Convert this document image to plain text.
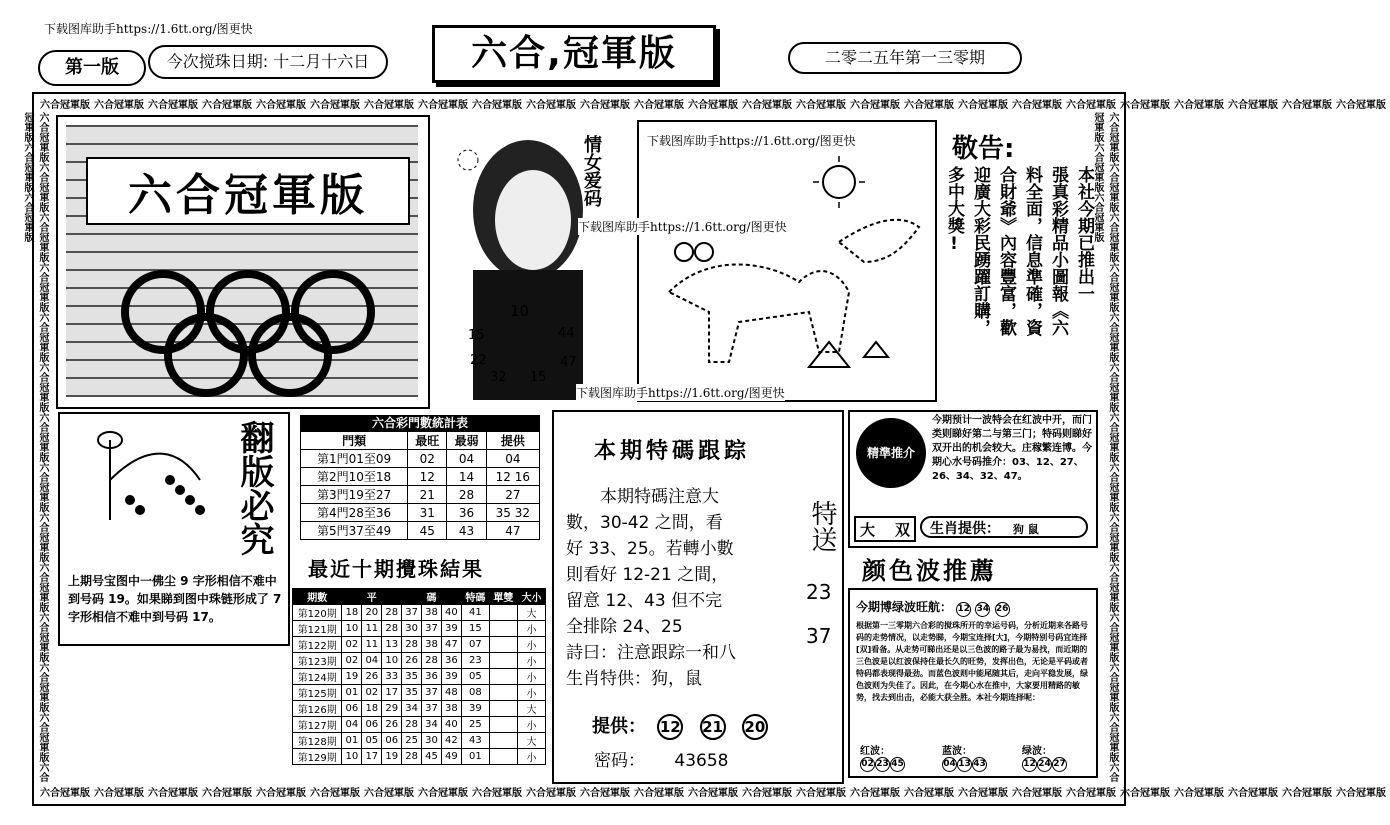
下载图库助手https://1.6tt.org/图更快
第一版	今次搅珠日期: 十二月十六日	六合,冠軍版	二零二五年第一三零期
六合冠軍版 六合冠軍版 六合冠軍版 六合冠軍版 六合冠軍版 六合冠軍版 六合冠軍版 六合冠軍版 六合冠軍版 六合冠軍版 六合冠軍版 六合冠軍版 六合冠軍版 六合冠軍版 六合冠軍版 六合冠軍版 六合冠軍版 六合冠軍版 六合冠軍版 六合冠軍版 六合冠軍版 六合冠軍版 六合冠軍版 六合冠軍版 六合冠軍版
六合冠軍版 六合冠軍版 六合冠軍版 六合冠軍版 六合冠軍版 六合冠軍版 六合冠軍版 六合冠軍版 六合冠軍版 六合冠軍版 六合冠軍版 六合冠軍版 六合冠軍版 六合冠軍版 六合冠軍版 六合冠軍版 六合冠軍版 六合冠軍版 六合冠軍版 六合冠軍版 六合冠軍版 六合冠軍版 六合冠軍版 六合冠軍版 六合冠軍版
六合冠軍版六合冠軍版六合冠軍版六合冠軍版六合冠軍版六合冠軍版六合冠軍版六合冠軍版六合冠軍版六合冠軍版六合冠軍版六合冠軍版六合冠軍版六合冠軍版六合冠軍版六合冠軍版
六合冠軍版六合冠軍版六合冠軍版六合冠軍版六合冠軍版六合冠軍版六合冠軍版六合冠軍版六合冠軍版六合冠軍版六合冠軍版六合冠軍版六合冠軍版六合冠軍版六合冠軍版六合冠軍版
六合冠軍版	情女爱码
10
15	44
22	47
32 15
下载图库助手https://1.6tt.org/图更快
下载图库助手https://1.6tt.org/图更快
下载图库助手https://1.6tt.org/图更快
敬告:
本社今期已推出一
張真彩精品小圖報《六
料全面，信息準確，資
合財爺》內容豐富，歡
迎廣大彩民踴躍訂購，
多中大獎!
翻版必究
上期号宝图中一佛尘 9 字形相信不难中到号码 19。如果睇到图中珠链形成了 7 字形相信不难中到号码 17。
六合彩門數統計表
門類	最旺	最弱	提供
第1門01至09	02	04	04
第2門10至18	12	14	12 16
第3門19至27	21	28	27
第4門28至36	31	36	35 32
第5門37至49	45	43	47
最近十期攪珠結果
期數	平			碼			特碼	單雙	大小
第120期	18	20	28	37	38	40	41		大
第121期	10	11	28	30	37	39	15		小
第122期	02	11	13	28	38	47	07		小
第123期	02	04	10	26	28	36	23		小
第124期	19	26	33	35	36	39	05		小
第125期	01	02	17	35	37	48	08		小
第126期	06	18	29	34	37	38	39		大
第127期	04	06	26	28	34	40	25		小
第128期	01	05	06	25	30	42	43		大
第129期	10	17	19	28	45	49	01		小
本期特碼跟踪
本期特碼注意大
數，30-42 之間，看
好 33、25。若轉小數
則看好 12-21 之間，
留意 12、43 但不完
全排除 24、25
詩曰：注意跟踪一和八
生肖特供：狗，鼠
特送
23
37
提供： 12 21 20
密码： 43658
精準推介
今期预计一波特会在红波中开，而门类则睇好第二与第三门；特码则睇好双开出的机会较大。庄稼繁连博。今期心水号码推介：03、12、27、26、34、32、47。
大 双	生肖提供： 狗 鼠
颜色波推薦
今期博绿波旺航： 12 34 26
根据第一三零期六合彩的搅珠所开的幸运号码，分析近期来各路号码的走势情况，以走势睇，今期宝连择[大]，今期特别号码宜连择[双]看备。从走势可睇出还是以三色波的路子最为易找，而近期的三色波是以红波保持住最长久的旺势，发挥出色，无论是平码或者特码都表现得最劲。而蓝色波则中能尾随其后，走向平稳发展，绿色波则为失佳了。因此，在今期心水在推中，大家要用精路的敏势，找去到出击，必能大获全胜。本社今期连择呢：
红波：
02 23 45
蓝波：
04 13 43
绿波：
12 24 27
